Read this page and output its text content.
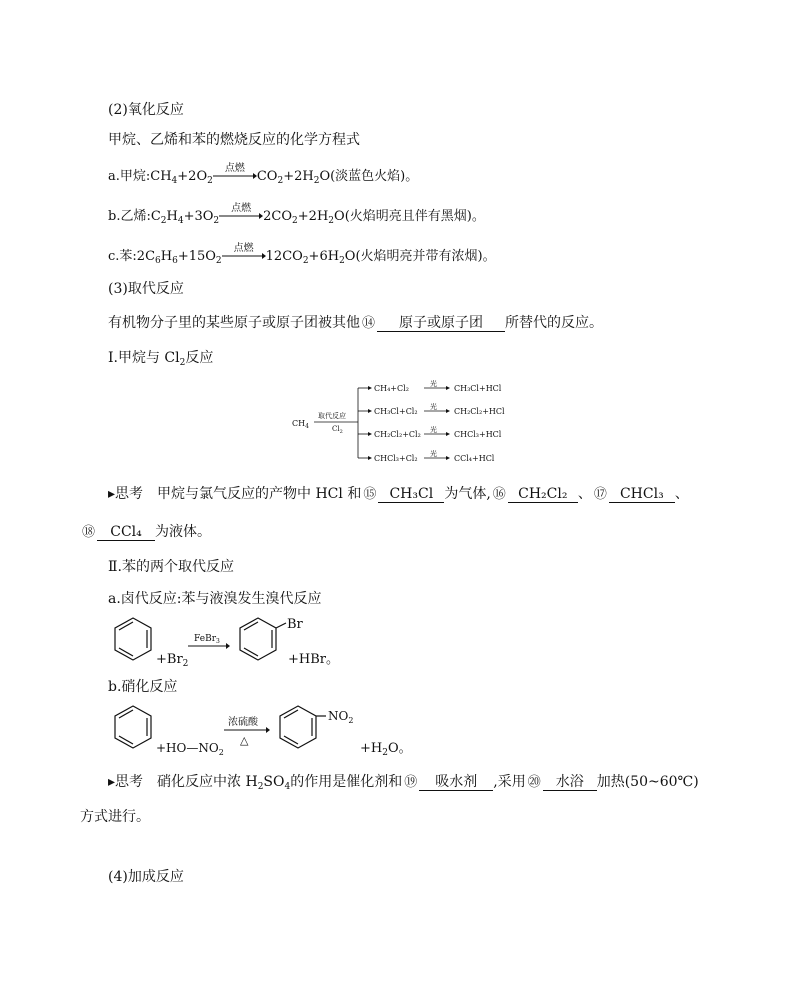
(2)氧化反应
甲烷、乙烯和苯的燃烧反应的化学方程式
a.甲烷$:CH_4+2O_2$
点燃
$CO_2+2H_2O$(淡蓝色火焰)。
b.乙烯$:C_2H_4+3O_2$
点燃
$2CO_2+2H_2O$(火焰明亮且伴有黑烟)。
c.苯$:2C_6H_6+15O_2$
点燃
$12CO_2+6H_2O$(火焰明亮并带有浓烟)。
(3)取代反应
有机物分子里的某些原子或原子团被其他 ⑭ 原子或原子团 所替代的反应。
Ⅰ.甲烷与 $Cl_2$反应
$CH_4$
取代反应
$Cl_2$
CH₄+Cl₂	光 CH₃Cl+HCl
CH₃Cl+Cl₂ 光 CH₂Cl₂+HCl
CH₂Cl₂+Cl₂ 光 CHCl₃+HCl
CHCl₃+Cl₂ 光 CCl₄+HCl
▸思考　甲烷与氯气反应的产物中 HCl 和 ⑮ CH₃Cl 为气体, ⑯ CH₂Cl₂ 、 ⑰ CHCl₃ 、
⑱ CCl₄ 为液体。
Ⅱ.苯的两个取代反应
a.卤代反应:苯与液溴发生溴代反应
$+Br_2$
FeBr$_3$
Br
+HBr。
b.硝化反应
$+HO—NO_2$
浓硫酸
△
$NO_2$
$+H_2O$。
▸思考　硝化反应中浓 $H_2SO_4$的作用是催化剂和 ⑲ 吸水剂 ,采用 ⑳ 水浴 加热(50~60℃)
方式进行。
(4)加成反应
